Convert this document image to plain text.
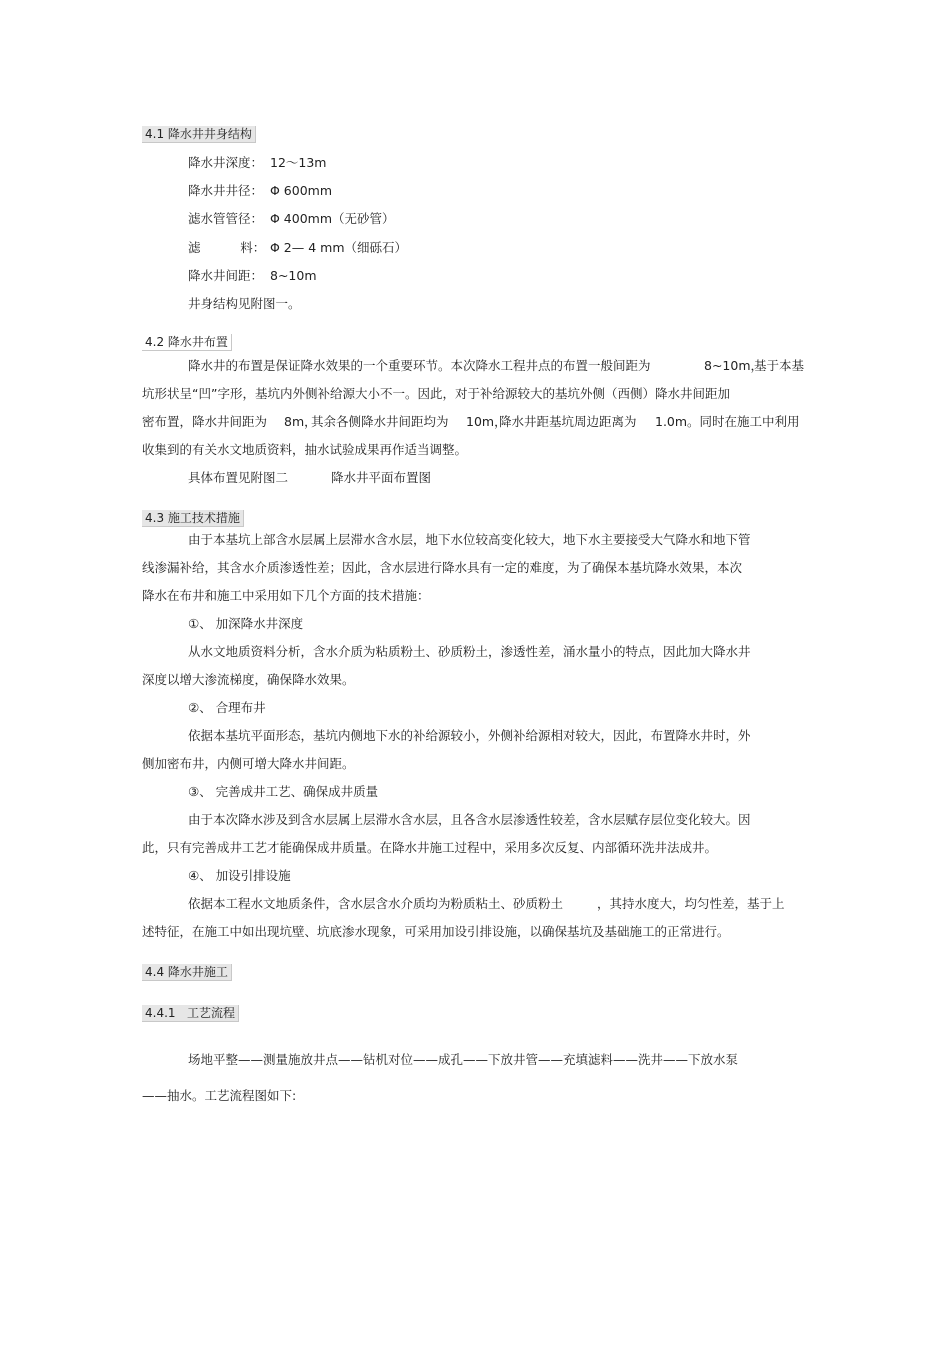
4.1 降水井井身结构
降水井深度： 12～13m
降水井井径： Φ 600mm
滤水管管径： Φ 400mm（无砂管）
滤          料： Φ 2— 4 mm（细砾石）
降水井间距： 8~10m
井身结构见附图一。
4.2 降水井布置
降水井的布置是保证降水效果的一个重要环节。本次降水工程井点的布置一般间距为	8~10m，
基于本基
坑形状呈“凹”字形，基坑内外侧补给源大小不一。因此，对于补给源较大的基坑外侧（西侧）降水井间距加
密布置，降水井间距为 8m，
其余各侧降水井间距均为 10m，
降水井距基坑周边距离为 1.0m。同时在施工中利用
收集到的有关水文地质资料，抽水试验成果再作适当调整。
具体布置见附图二	降水井平面布置图
4.3 施工技术措施
由于本基坑上部含水层属上层滞水含水层，地下水位较高变化较大，地下水主要接受大气降水和地下管
线渗漏补给，其含水介质渗透性差；因此，含水层进行降水具有一定的难度，为了确保本基坑降水效果，本次
降水在布井和施工中采用如下几个方面的技术措施：
①、 加深降水井深度
从水文地质资料分析，含水介质为粘质粉土、砂质粉土，渗透性差，涌水量小的特点，因此加大降水井
深度以增大渗流梯度，确保降水效果。
②、 合理布井
依据本基坑平面形态，基坑内侧地下水的补给源较小，外侧补给源相对较大，因此，布置降水井时，外
侧加密布井，内侧可增大降水井间距。
③、 完善成井工艺、确保成井质量
由于本次降水涉及到含水层属上层滞水含水层，且各含水层渗透性较差，含水层赋存层位变化较大。因
此，只有完善成井工艺才能确保成井质量。在降水井施工过程中，采用多次反复、内部循环洗井法成井。
④、 加设引排设施
依据本工程水文地质条件，含水层含水介质均为粉质粘土、砂质粉土	，其持水度大，均匀性差，基于上
述特征，在施工中如出现坑壁、坑底渗水现象，可采用加设引排设施，以确保基坑及基础施工的正常进行。
4.4 降水井施工
4.4.1   工艺流程
场地平整——测量施放井点——钻机对位——成孔——下放井管——充填滤料——洗井——下放水泵
——抽水。工艺流程图如下:
